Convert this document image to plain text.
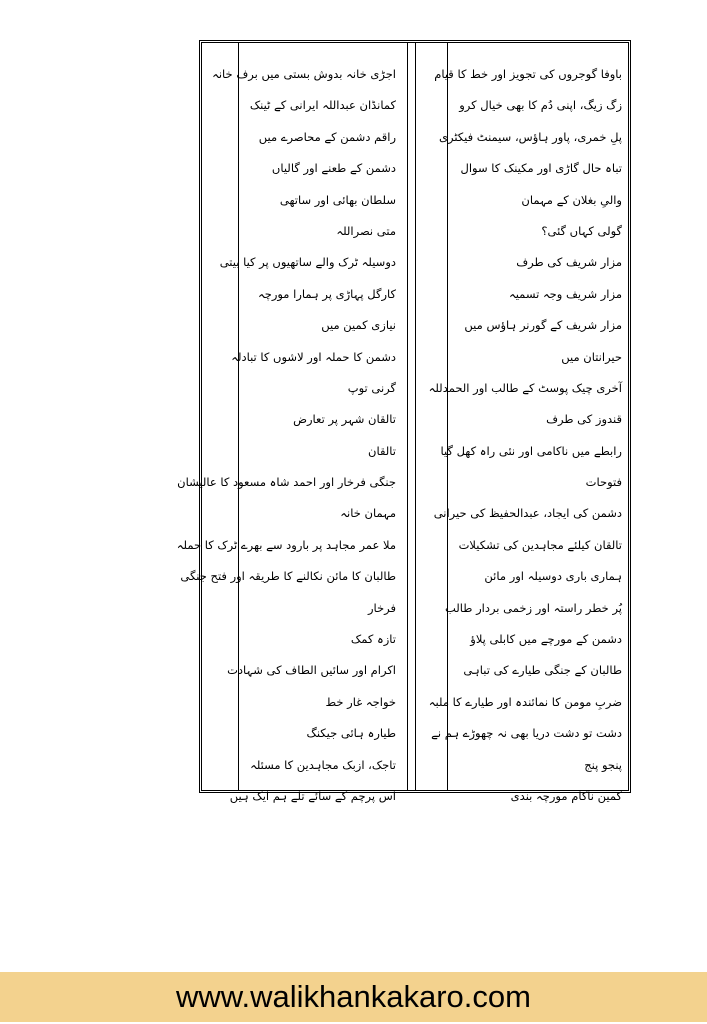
باوفا گوجروں کی تجویز اور خط کا قیام
زگ زیگ، اپنی دُم کا بھی خیال کرو
پلِ خمری، پاور ہاؤس، سیمنٹ فیکٹری
تباہ حال گاڑی اور مکینک کا سوال
والیِ بغلان کے مہمان
گولی کہاں گئی؟
مزار شریف کی طرف
مزار شریف وجہ تسمیہ
مزار شریف کے گورنر ہاؤس میں
حیرانتان میں
آخری چیک پوسٹ کے طالب اور الحمدللہ
قندوز کی طرف
رابطے میں ناکامی اور نئی راہ کھل گیا
فتوحات
دشمن کی ایجاد، عبدالحفیظ کی حیرانی
تالقان کیلئے مجاہدین کی تشکیلات
ہماری باری دوسیلہ اور مائن
پُر خطر راستہ اور زخمی بردار طالب
دشمن کے مورچے میں کابلی پلاؤ
طالبان کے جنگی طیارے کی تباہی
ضربِ مومن کا نمائندہ اور طیارے کا ملبہ
دشت تو دشت دریا بھی نہ چھوڑے ہم نے
پنجو پنج
کمین ناکام مورچہ بندی
اجڑی خانہ بدوش بستی میں برف خانہ
کمانڈان عبداللہ ایرانی کے ٹینک
راقم دشمن کے محاصرے میں
دشمن کے طعنے اور گالیاں
سلطان بھائی اور ساتھی
متی نصراللہ
دوسیلہ ٹرک والے ساتھیوں پر کیا بیتی
کارگل پہاڑی پر ہمارا مورچہ
نیازی کمین میں
دشمن کا حملہ اور لاشوں کا تبادلہ
گرنی توپ
تالقان شہر پر تعارض
تالقان
جنگی فرخار اور احمد شاہ مسعود کا عالیشان
مہمان خانہ
ملا عمر مجاہد پر بارود سے بھرے ٹرک کا حملہ
طالبان کا مائن نکالنے کا طریقہ اور فتح جنگی
فرخار
تازہ کمک
اکرام اور سائیں الطاف کی شہادت
خواجہ غار خط
طیارہ ہائی جیکنگ
تاجک، ازبک مجاہدین کا مسئلہ
اس پرچم کے سائے تلے ہم ایک ہیں
www.walikhankakaro.com
